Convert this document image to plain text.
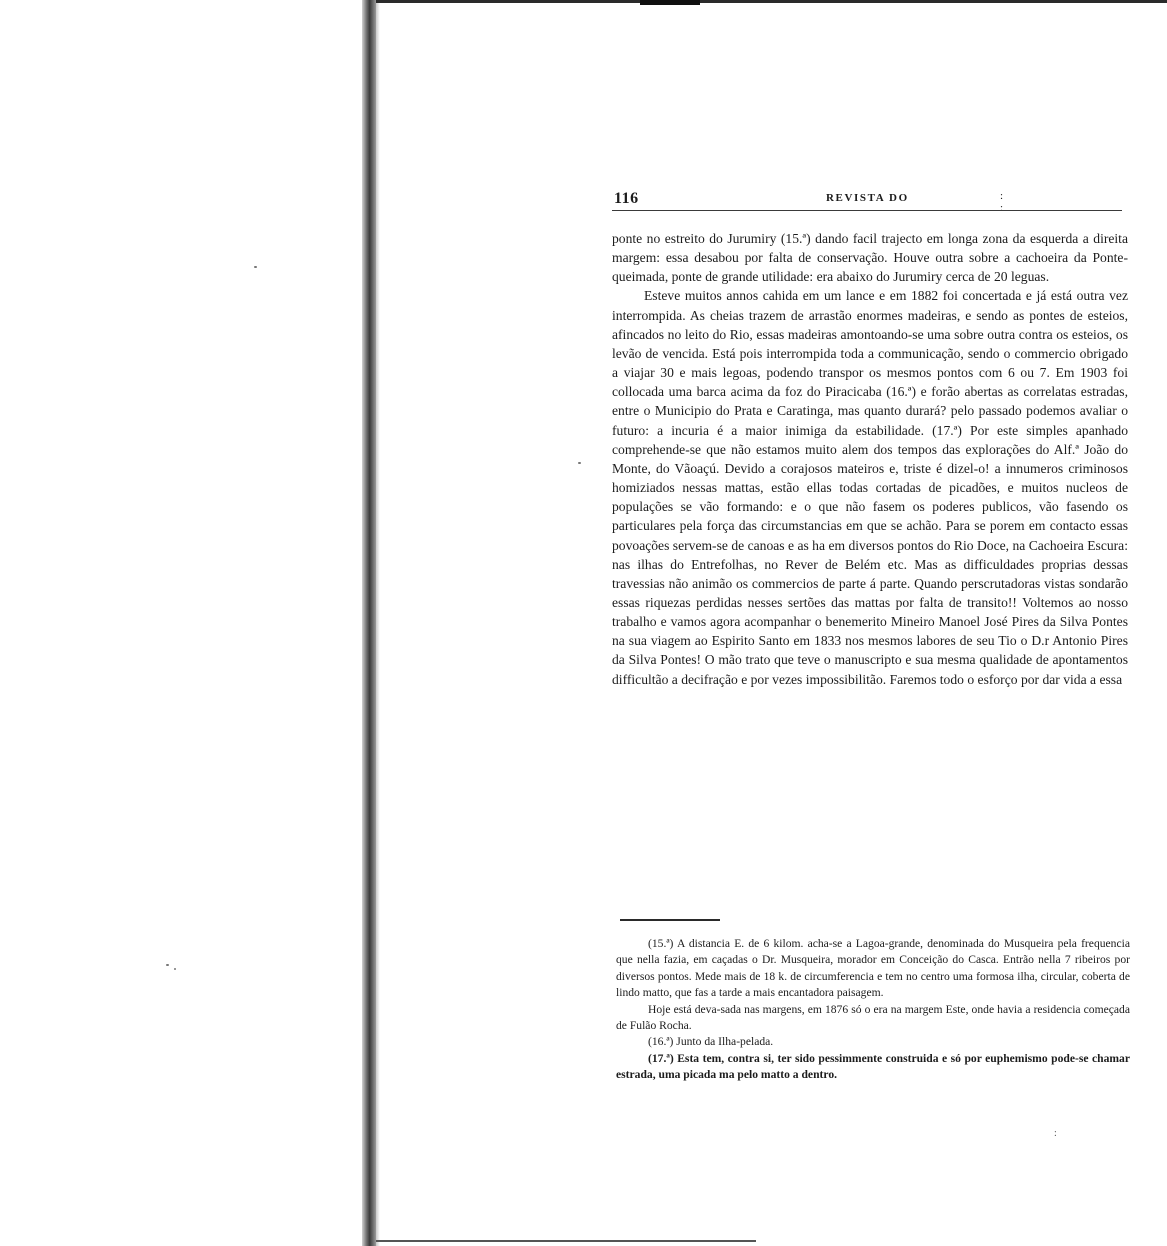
116	REVISTA DO	: :

ponte no estreito do Jurumiry (15.ª) dando facil trajecto em longa zona da esquerda a direita margem: essa desabou por falta de conservação. Houve outra sobre a cachoeira da Ponte-queimada, ponte de grande utilidade: era abaixo do Jurumiry cerca de 20 leguas.

Esteve muitos annos cahida em um lance e em 1882 foi concertada e já está outra vez interrompida. As cheias trazem de arrastão enormes madeiras, e sendo as pontes de esteios, afincados no leito do Rio, essas madeiras amontoando-se uma sobre outra contra os esteios, os levão de vencida. Está pois interrompida toda a communicação, sendo o commercio obrigado a viajar 30 e mais legoas, podendo transpor os mesmos pontos com 6 ou 7. Em 1903 foi collocada uma barca acima da foz do Piracicaba (16.ª) e forão abertas as correlatas estradas, entre o Municipio do Prata e Caratinga, mas quanto durará? pelo passado podemos avaliar o futuro: a incuria é a maior inimiga da estabilidade. (17.ª) Por este simples apanhado comprehende-se que não estamos muito alem dos tempos das explorações do Alf.ª João do Monte, do Vãoaçú. Devido a corajosos mateiros e, triste é dizel-o! a innumeros criminosos homiziados nessas mattas, estão ellas todas cortadas de picadões, e muitos nucleos de populações se vão formando: e o que não fasem os poderes publicos, vão fasendo os particulares pela força das circumstancias em que se achão. Para se porem em contacto essas povoações servem-se de canoas e as ha em diversos pontos do Rio Doce, na Cachoeira Escura: nas ilhas do Entrefolhas, no Rever de Belém etc. Mas as difficuldades proprias dessas travessias não animão os commercios de parte á parte. Quando perscrutadoras vistas sondarão essas riquezas perdidas nesses sertões das mattas por falta de transito!! Voltemos ao nosso trabalho e vamos agora acompanhar o benemerito Mineiro Manoel José Pires da Silva Pontes na sua viagem ao Espirito Santo em 1833 nos mesmos labores de seu Tio o D.r Antonio Pires da Silva Pontes! O mão trato que teve o manuscripto e sua mesma qualidade de apontamentos difficultão a decifração e por vezes impossibilitão. Faremos todo o esforço por dar vida a essa

(15.ª) A distancia E. de 6 kilom. acha-se a Lagoa-grande, denominada do Musqueira pela frequencia que nella fazia, em caçadas o Dr. Musqueira, morador em Conceição do Casca. Entrão nella 7 ribeiros por diversos pontos. Mede mais de 18 k. de circumferencia e tem no centro uma formosa ilha, circular, coberta de lindo matto, que fas a tarde a mais encantadora paisagem.

Hoje está deva-sada nas margens, em 1876 só o era na margem Este, onde havia a residencia começada de Fulão Rocha.

(16.ª) Junto da Ilha-pelada.

(17.ª) Esta tem, contra si, ter sido pessimmente construida e só por euphemismo pode-se chamar estrada, uma picada ma pelo matto a dentro.

:
